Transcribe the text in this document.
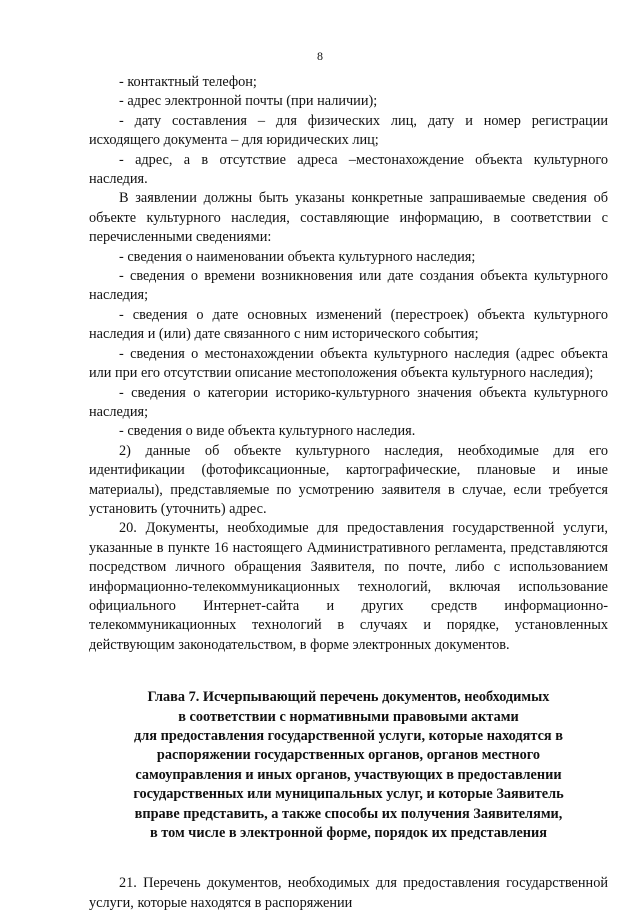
8

- контактный телефон;

- адрес электронной почты (при наличии);

- дату составления – для физических лиц, дату и номер регистрации исходящего документа – для юридических лиц;

- адрес, а в отсутствие адреса –местонахождение объекта культурного наследия.

В заявлении должны быть указаны конкретные запрашиваемые сведения об объекте культурного наследия, составляющие информацию, в соответствии с перечисленными сведениями:

- сведения о наименовании объекта культурного наследия;

- сведения о времени возникновения или дате создания объекта культурного наследия;

- сведения о дате основных изменений (перестроек) объекта культурного наследия и (или) дате связанного с ним исторического события;

- сведения о местонахождении объекта культурного наследия (адрес объекта или при его отсутствии описание местоположения объекта культурного наследия);

- сведения о категории историко-культурного значения объекта культурного наследия;

- сведения о виде объекта культурного наследия.

2) данные об объекте культурного наследия, необходимые для его идентификации (фотофиксационные, картографические, плановые и иные материалы), представляемые по усмотрению заявителя в случае, если требуется установить (уточнить) адрес.

20. Документы, необходимые для предоставления государственной услуги, указанные в пункте 16 настоящего Административного регламента, представляются посредством личного обращения Заявителя, по почте, либо с использованием информационно-телекоммуникационных технологий, включая использование официального Интернет-сайта и других средств информационно-телекоммуникационных технологий в случаях и порядке, установленных действующим законодательством, в форме электронных документов.

Глава 7. Исчерпывающий перечень документов, необходимых
в соответствии с нормативными правовыми актами
для предоставления государственной услуги, которые находятся в
распоряжении государственных органов, органов местного
самоуправления и иных органов, участвующих в предоставлении
государственных или муниципальных услуг, и которые Заявитель
вправе представить, а также способы их получения Заявителями,
в том числе в электронной форме, порядок их представления

21. Перечень документов, необходимых для предоставления государственной услуги, которые находятся в распоряжении
